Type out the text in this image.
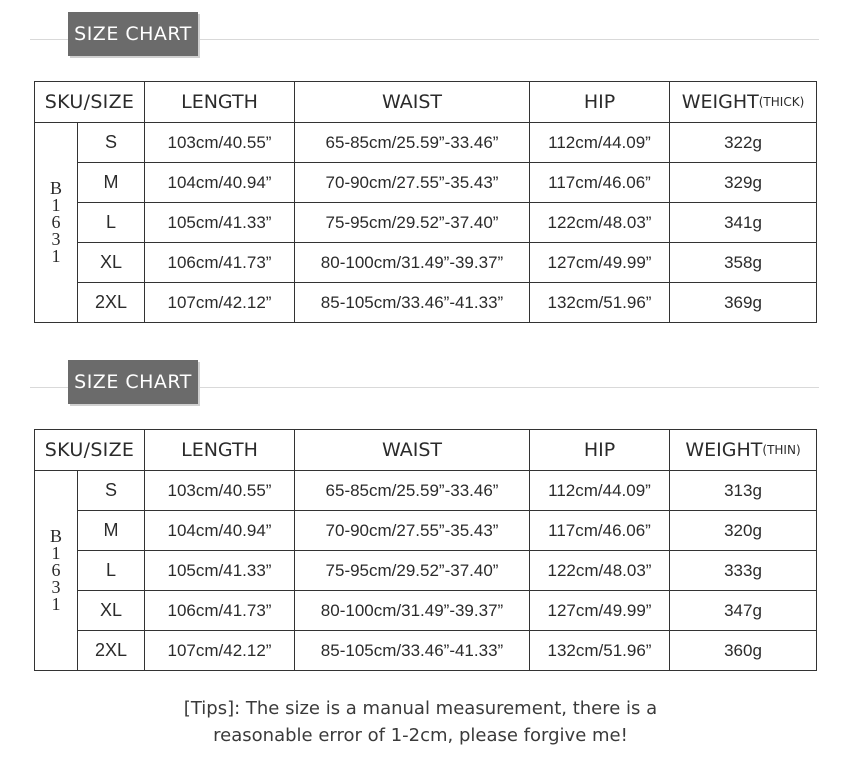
SIZE CHART
SKU/SIZE		LENGTH	WAIST	HIP	WEIGHT(THICK)

B
1
6
3
1	S	103cm/40.55”	65-85cm/25.59”-33.46”	112cm/44.09”	322g
	M	104cm/40.94”	70-90cm/27.55”-35.43”	117cm/46.06”	329g
	L	105cm/41.33”	75-95cm/29.52”-37.40”	122cm/48.03”	341g
	XL	106cm/41.73”	80-100cm/31.49”-39.37”	127cm/49.99”	358g
	2XL	107cm/42.12”	85-105cm/33.46”-41.33”	132cm/51.96”	369g
SIZE CHART
SKU/SIZE		LENGTH	WAIST	HIP	WEIGHT(THIN)

B
1
6
3
1	S	103cm/40.55”	65-85cm/25.59”-33.46”	112cm/44.09”	313g
	M	104cm/40.94”	70-90cm/27.55”-35.43”	117cm/46.06”	320g
	L	105cm/41.33”	75-95cm/29.52”-37.40”	122cm/48.03”	333g
	XL	106cm/41.73”	80-100cm/31.49”-39.37”	127cm/49.99”	347g
	2XL	107cm/42.12”	85-105cm/33.46”-41.33”	132cm/51.96”	360g
[Tips]: The size is a manual measurement, there is a
reasonable error of 1-2cm, please forgive me!
